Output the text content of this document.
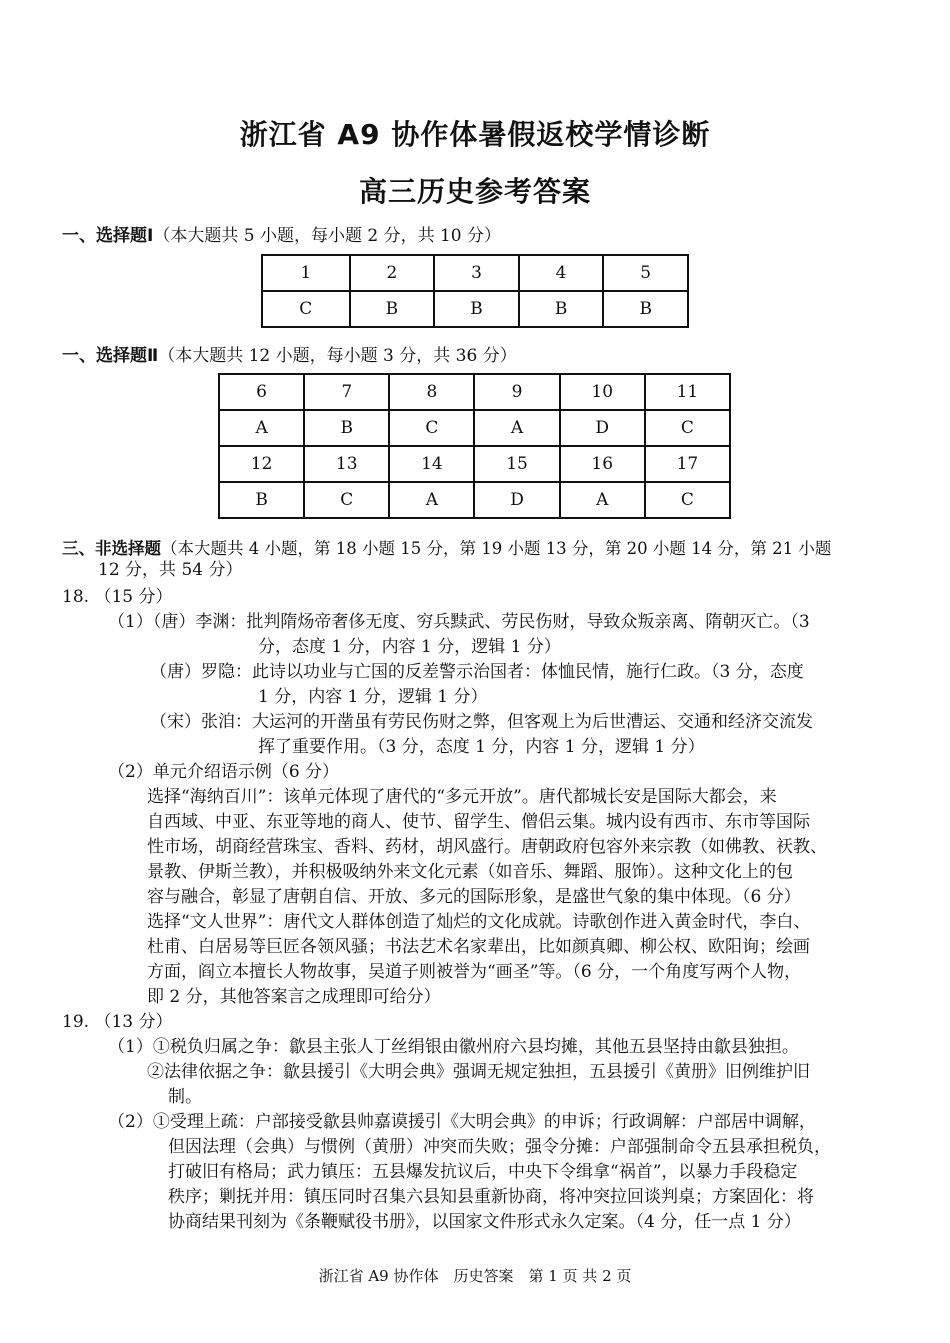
浙江省 A9 协作体暑假返校学情诊断
高三历史参考答案
一、选择题Ⅰ（本大题共 5 小题，每小题 2 分，共 10 分）
1	2	3	4	5
C	B	B	B	B
一、选择题Ⅱ（本大题共 12 小题，每小题 3 分，共 36 分）
6	7	8	9	10	11
A	B	C	A	D	C
12	13	14	15	16	17
B	C	A	D	A	C
三、非选择题（本大题共 4 小题，第 18 小题 15 分，第 19 小题 13 分，第 20 小题 14 分，第 21 小题
12 分，共 54 分）
18. （15 分）
（1）（唐）李渊：批判隋炀帝奢侈无度、穷兵黩武、劳民伤财，导致众叛亲离、隋朝灭亡。（3
分，态度 1 分，内容 1 分，逻辑 1 分）
（唐）罗隐：此诗以功业与亡国的反差警示治国者：体恤民情，施行仁政。（3 分，态度
1 分，内容 1 分，逻辑 1 分）
（宋）张洎：大运河的开凿虽有劳民伤财之弊，但客观上为后世漕运、交通和经济交流发
挥了重要作用。（3 分，态度 1 分，内容 1 分，逻辑 1 分）
（2）单元介绍语示例（6 分）
选择“海纳百川”：该单元体现了唐代的“多元开放”。唐代都城长安是国际大都会，来
自西域、中亚、东亚等地的商人、使节、留学生、僧侣云集。城内设有西市、东市等国际
性市场，胡商经营珠宝、香料、药材，胡风盛行。唐朝政府包容外来宗教（如佛教、祆教、
景教、伊斯兰教），并积极吸纳外来文化元素（如音乐、舞蹈、服饰）。这种文化上的包
容与融合，彰显了唐朝自信、开放、多元的国际形象，是盛世气象的集中体现。（6 分）
选择“文人世界”：唐代文人群体创造了灿烂的文化成就。诗歌创作进入黄金时代，李白、
杜甫、白居易等巨匠各领风骚；书法艺术名家辈出，比如颜真卿、柳公权、欧阳询；绘画
方面，阎立本擅长人物故事，吴道子则被誉为“画圣”等。（6 分，一个角度写两个人物，
即 2 分，其他答案言之成理即可给分）
19. （13 分）
（1）①税负归属之争：歙县主张人丁丝绢银由徽州府六县均摊，其他五县坚持由歙县独担。
②法律依据之争：歙县援引《大明会典》强调无规定独担，五县援引《黄册》旧例维护旧
制。
（2）①受理上疏：户部接受歙县帅嘉谟援引《大明会典》的申诉；行政调解：户部居中调解，
但因法理（会典）与惯例（黄册）冲突而失败；强令分摊：户部强制命令五县承担税负，
打破旧有格局；武力镇压：五县爆发抗议后，中央下令缉拿“祸首”，以暴力手段稳定
秩序；剿抚并用：镇压同时召集六县知县重新协商，将冲突拉回谈判桌；方案固化：将
协商结果刊刻为《条鞭赋役书册》，以国家文件形式永久定案。（4 分，任一点 1 分）
浙江省 A9 协作体　历史答案　第 1 页 共 2 页
